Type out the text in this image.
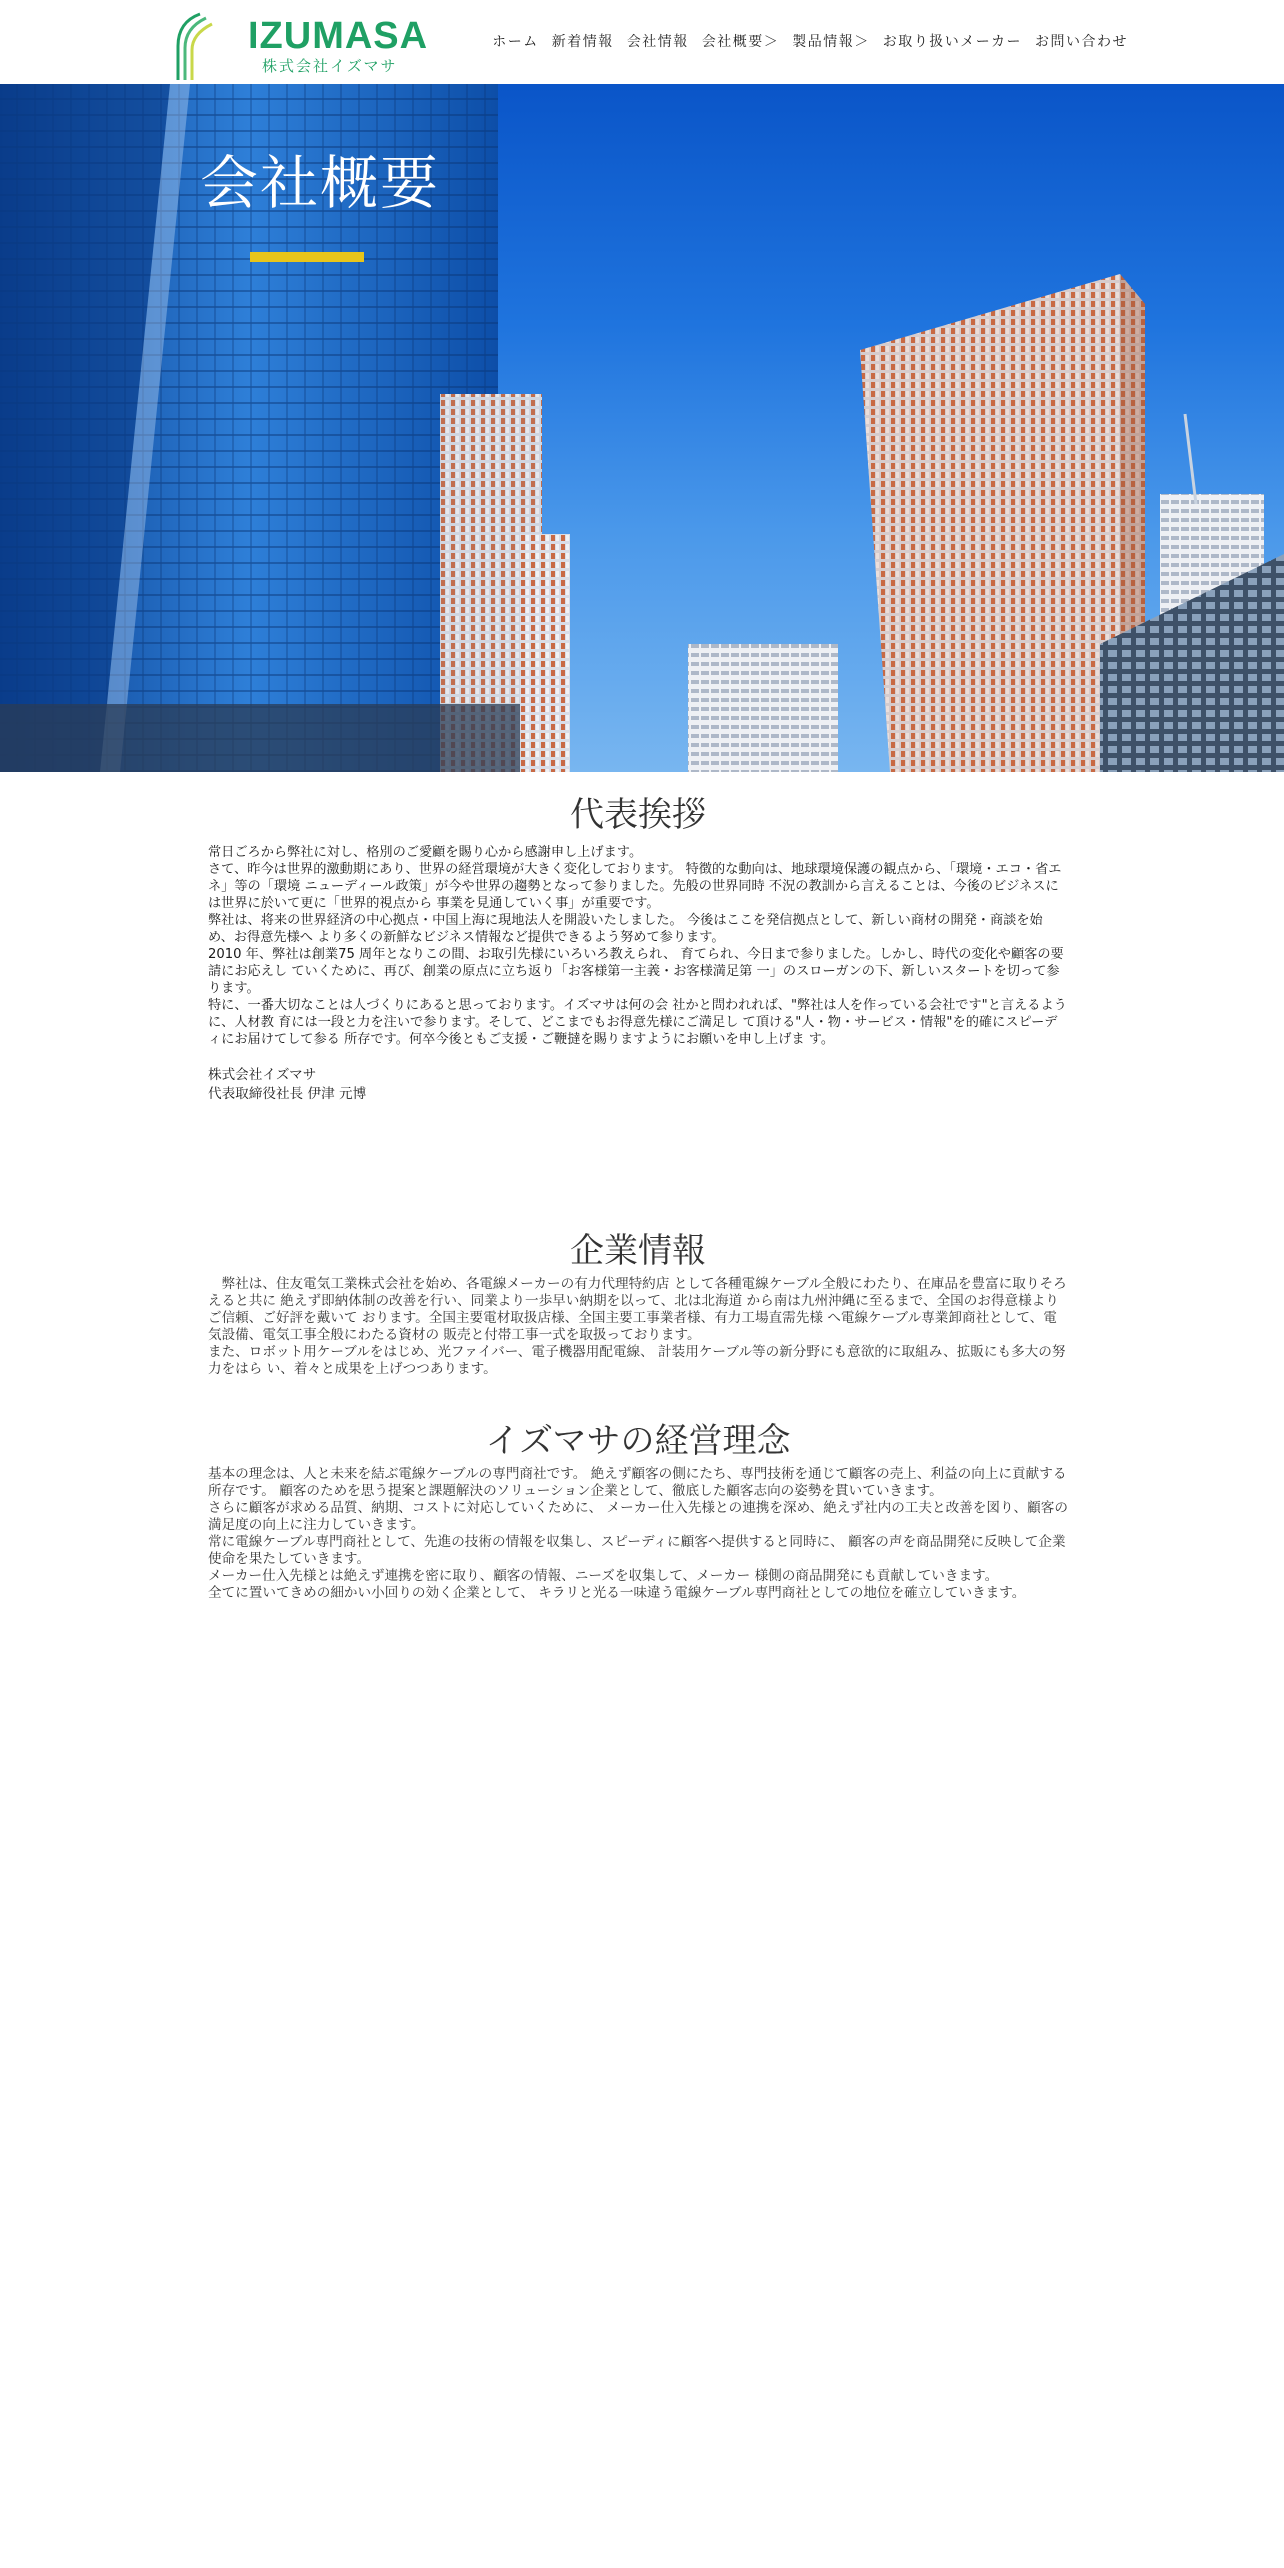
IZUMASA
株式会社イズマサ
ホーム 新着情報 会社情報 会社概要＞ 製品情報＞ お取り扱いメーカー お問い合わせ
会社概要
代表挨拶

常日ごろから弊社に対し、格別のご愛顧を賜り心から感謝申し上げます。

さて、昨今は世界的激動期にあり、世界の経営環境が大きく変化しております。 特徴的な動向は、地球環境保護の観点から、「環境・エコ・省エネ」等の「環境 ニューディール政策」が今や世界の趨勢となって参りました。先般の世界同時 不況の教訓から言えることは、今後のビジネスには世界に於いて更に「世界的視点から 事業を見通していく事」が重要です。

弊社は、将来の世界経済の中心拠点・中国上海に現地法人を開設いたしました。 今後はここを発信拠点として、新しい商材の開発・商談を始め、お得意先様へ より多くの新鮮なビジネス情報など提供できるよう努めて参ります。

2010 年、弊社は創業75 周年となりこの間、お取引先様にいろいろ教えられ、 育てられ、今日まで参りました。しかし、時代の変化や顧客の要請にお応えし ていくために、再び、創業の原点に立ち返り「お客様第一主義・お客様満足第 一」のスローガンの下、新しいスタートを切って参ります。

特に、一番大切なことは人づくりにあると思っております。イズマサは何の会 社かと問われれば、"弊社は人を作っている会社です"と言えるように、人材教 育には一段と力を注いで参ります。そして、どこまでもお得意先様にご満足し て頂ける"人・物・サービス・情報"を的確にスピーディにお届けてして参る 所存です。何卒今後ともご支援・ご鞭撻を賜りますようにお願いを申し上げま す。

株式会社イズマサ

代表取締役社長 伊津 元博

企業情報

　弊社は、住友電気工業株式会社を始め、各電線メーカーの有力代理特約店 として各種電線ケーブル全般にわたり、在庫品を豊富に取りそろえると共に 絶えず即納体制の改善を行い、同業より一歩早い納期を以って、北は北海道 から南は九州沖縄に至るまで、全国のお得意様よりご信頼、ご好評を戴いて おります。全国主要電材取扱店様、全国主要工事業者様、有力工場直需先様 へ電線ケーブル専業卸商社として、電気設備、電気工事全般にわたる資材の 販売と付帯工事一式を取扱っております。

また、ロボット用ケーブルをはじめ、光ファイバー、電子機器用配電線、 計装用ケーブル等の新分野にも意欲的に取組み、拡販にも多大の努力をはら い、着々と成果を上げつつあります。

イズマサの経営理念

基本の理念は、人と未来を結ぶ電線ケーブルの専門商社です。 絶えず顧客の側にたち、専門技術を通じて顧客の売上、利益の向上に貢献する所存です。 顧客のためを思う提案と課題解決のソリューション企業として、徹底した顧客志向の姿勢を貫いていきます。

さらに顧客が求める品質、納期、コストに対応していくために、 メーカー仕入先様との連携を深め、絶えず社内の工夫と改善を図り、顧客の満足度の向上に注力していきます。

常に電線ケーブル専門商社として、先進の技術の情報を収集し、スピーディに顧客へ提供すると同時に、 顧客の声を商品開発に反映して企業使命を果たしていきます。

メーカー仕入先様とは絶えず連携を密に取り、顧客の情報、ニーズを収集して、メーカー 様側の商品開発にも貢献していきます。

全てに置いてきめの細かい小回りの効く企業として、 キラリと光る一味違う電線ケーブル専門商社としての地位を確立していきます。
